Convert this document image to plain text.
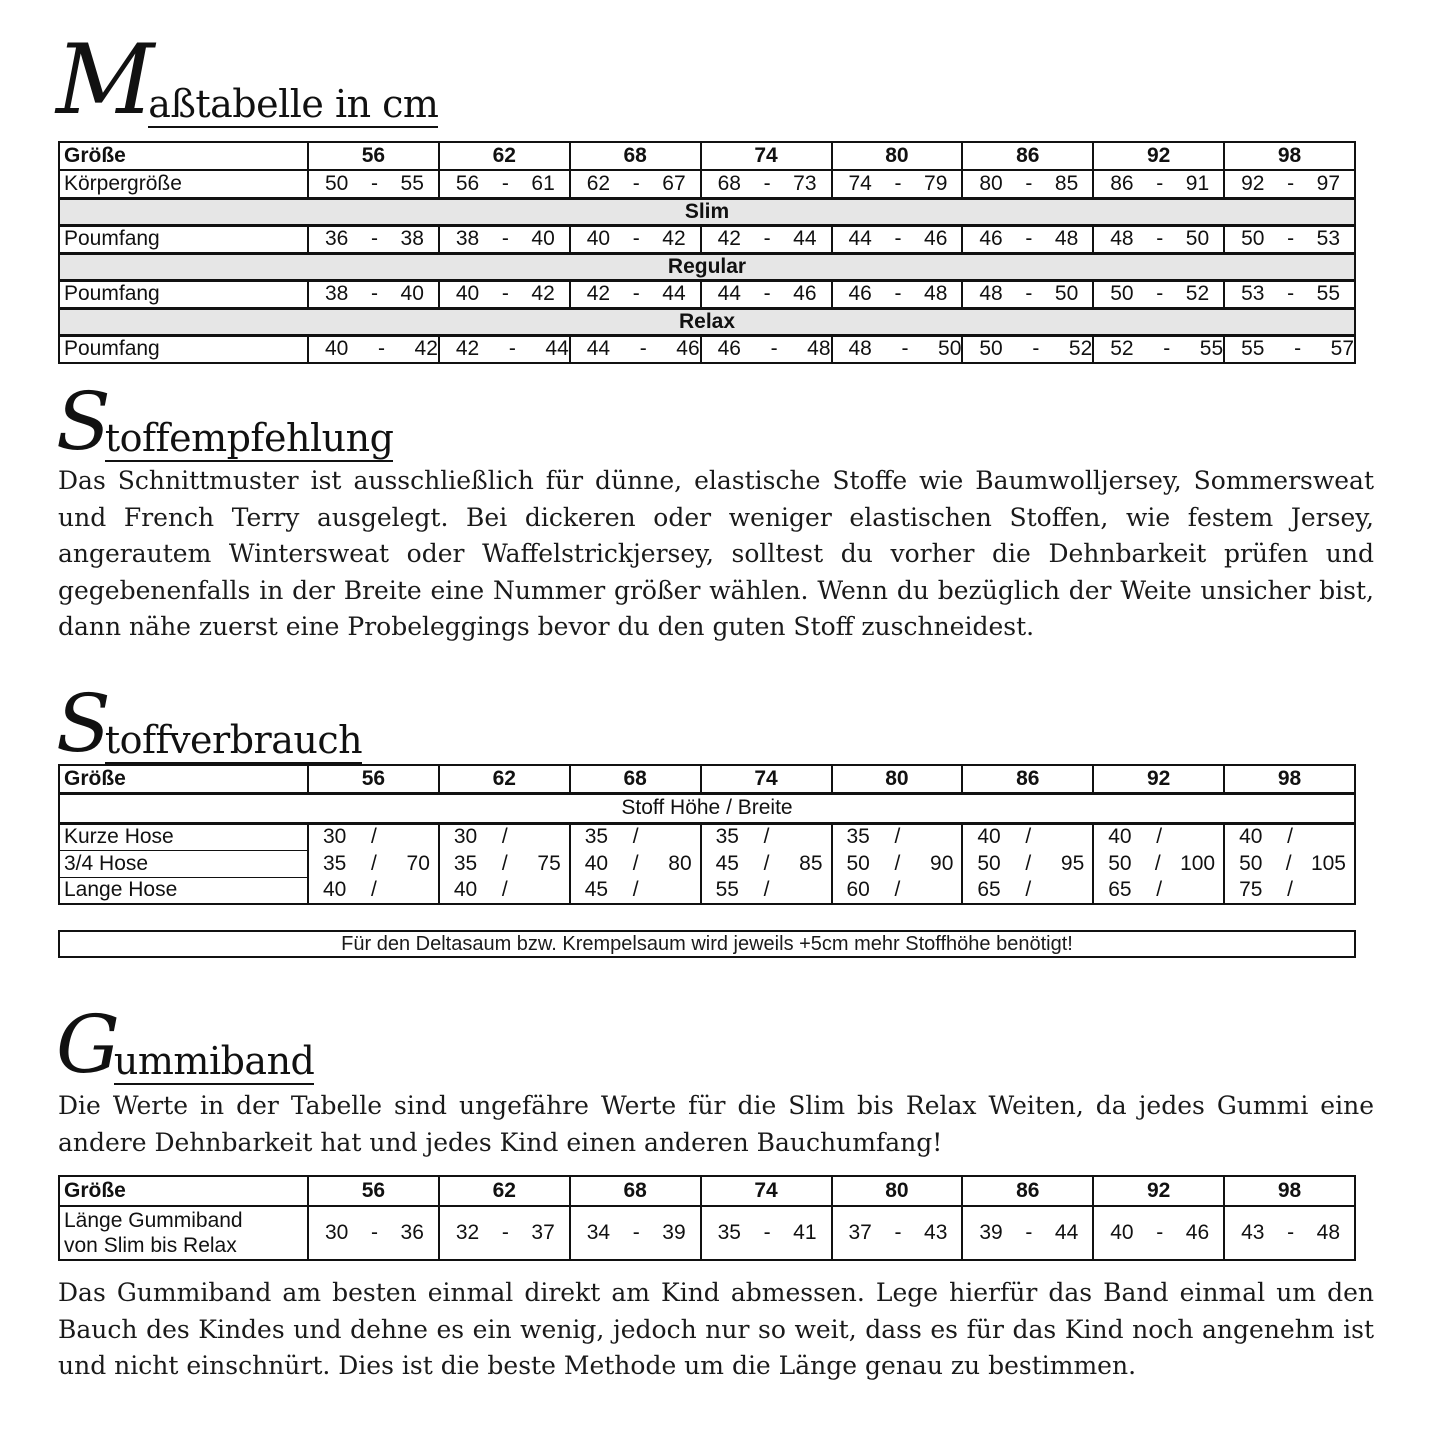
M
aßtabelle in cm
Größe	56	62	68	74	80	86	92	98
Körpergröße	50 - 55	56 - 61	62 - 67	68 - 73	74 - 79	80 - 85	86 - 91	92 - 97

Slim								
Poumfang	36 - 38	38 - 40	40 - 42	42 - 44	44 - 46	46 - 48	48 - 50	50 - 53

Regular								
Poumfang	38 - 40	40 - 42	42 - 44	44 - 46	46 - 48	48 - 50	50 - 52	53 - 55

Relax								
Poumfang	40 - 42	42 - 44	44 - 46	46 - 48	48 - 50	50 - 52	52 - 55	55 - 57
S
toffempfehlung

Das Schnittmuster ist ausschließlich für dünne, elastische Stoffe wie Baumwolljersey, Sommersweat und French Terry ausgelegt. Bei dickeren oder weniger elastischen Stoffen, wie festem Jersey, angerautem Wintersweat oder Waffelstrickjersey, solltest du vorher die Dehnbarkeit prüfen und gegebenenfalls in der Breite eine Nummer größer wählen. Wenn du bezüglich der Weite unsicher bist, dann nähe zuerst eine Probeleggings bevor du den guten Stoff zuschneidest.

S
toffverbrauch
Größe	56	62	68	74	80	86	92	98
Stoff Höhe / Breite								
Kurze Hose	30 /	30 /	35 /	35 /	35 /	40 /	40 /	40 /

3/4 Hose	35 / 70	35 / 75	40 / 80	45 / 85	50 / 90	50 / 95	50 / 100	50 / 105

Lange Hose	40 /	40 /	45 /	55 /	60 /	65 /	65 /	75 /
Für den Deltasaum bzw. Krempelsaum wird jeweils +5cm mehr Stoffhöhe benötigt!
G
ummiband

Die Werte in der Tabelle sind ungefähre Werte für die Slim bis Relax Weiten, da jedes Gummi eine andere Dehnbarkeit hat und jedes Kind einen anderen Bauchumfang!

Größe	56	62	68	74	80	86	92	98

Länge Gummiband
von Slim bis Relax	30 - 36	32 - 37	34 - 39	35 - 41	37 - 43	39 - 44	40 - 46	43 - 48

Das Gummiband am besten einmal direkt am Kind abmessen. Lege hierfür das Band einmal um den Bauch des Kindes und dehne es ein wenig, jedoch nur so weit, dass es für das Kind noch angenehm ist und nicht einschnürt. Dies ist die beste Methode um die Länge genau zu bestimmen.
